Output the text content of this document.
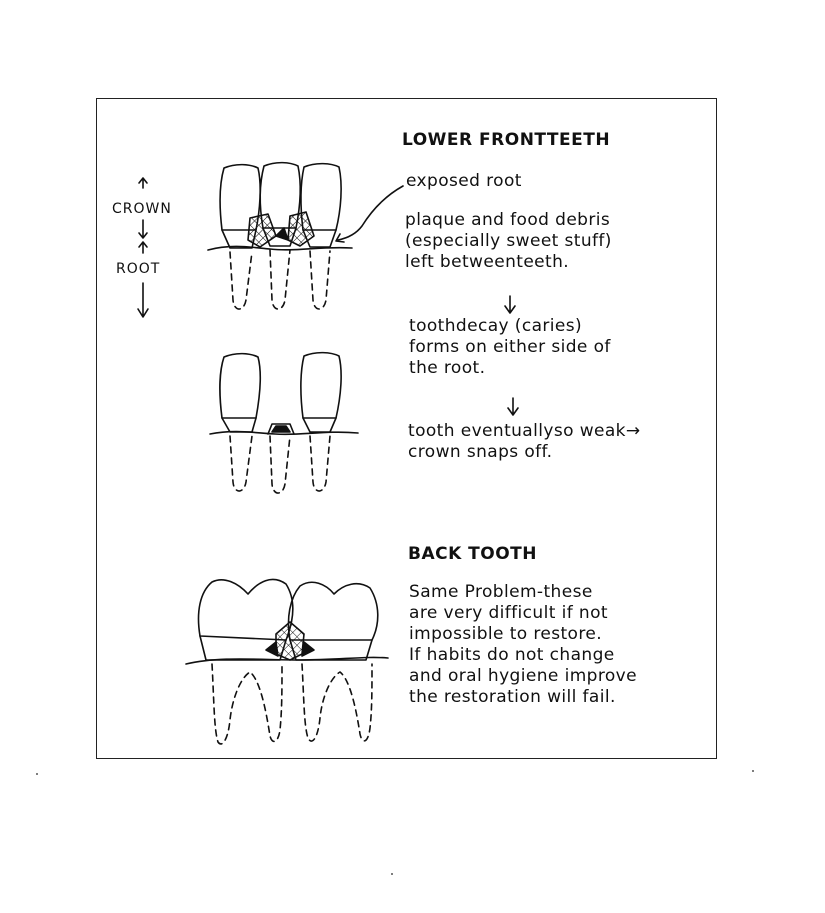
CROWN
ROOT
LOWER FRONTTEETH
exposed root
plaque and food debris
(especially sweet stuff)
left betweenteeth.
toothdecay (caries)
forms on either side of
the root.
tooth eventuallyso weak→
crown snaps off.
BACK TOOTH
Same Problem-these
are very difficult if not
impossible to restore.
If habits do not change
and oral hygiene improve
the restoration will fail.
